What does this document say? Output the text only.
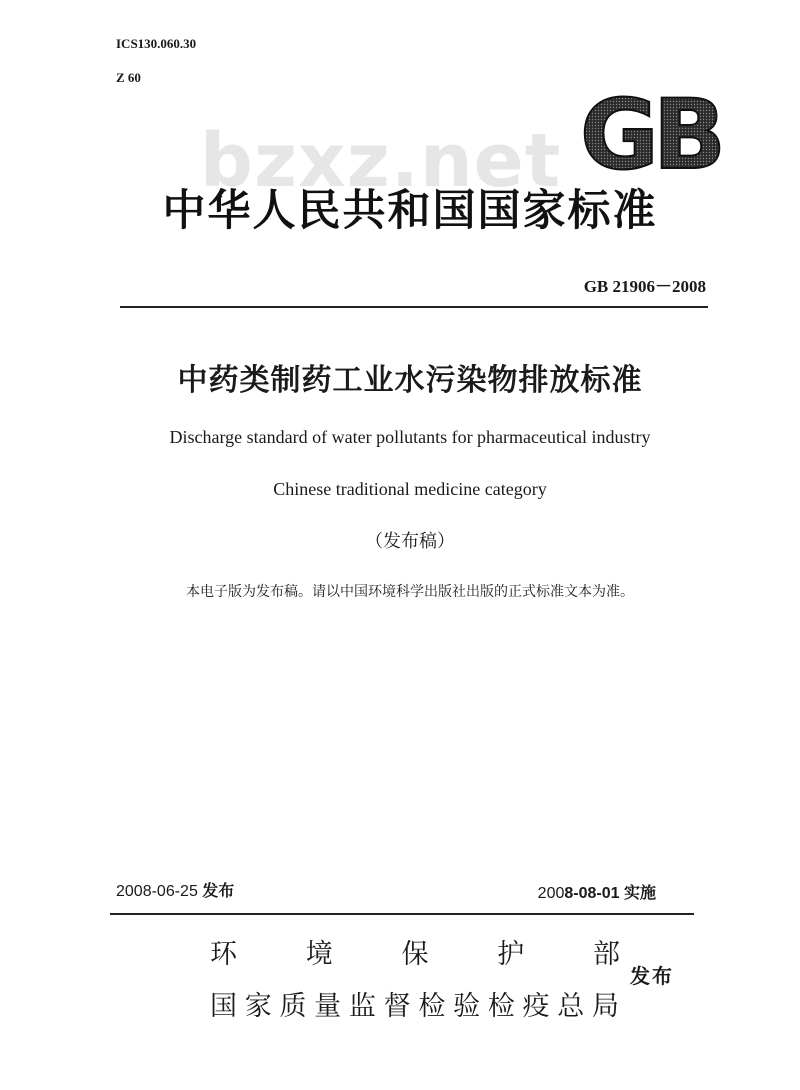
ICS130.060.30
Z 60
GB
bzxz.net
中华人民共和国国家标准
GB 21906－2008
中药类制药工业水污染物排放标准
Discharge standard of water pollutants for pharmaceutical industry
Chinese traditional medicine category
（发布稿）
本电子版为发布稿。请以中国环境科学出版社出版的正式标准文本为准。
2008-06-25 发布	2008-08-01 实施
环	境	保	护	部
国家质量监督检验检疫总局
发布
